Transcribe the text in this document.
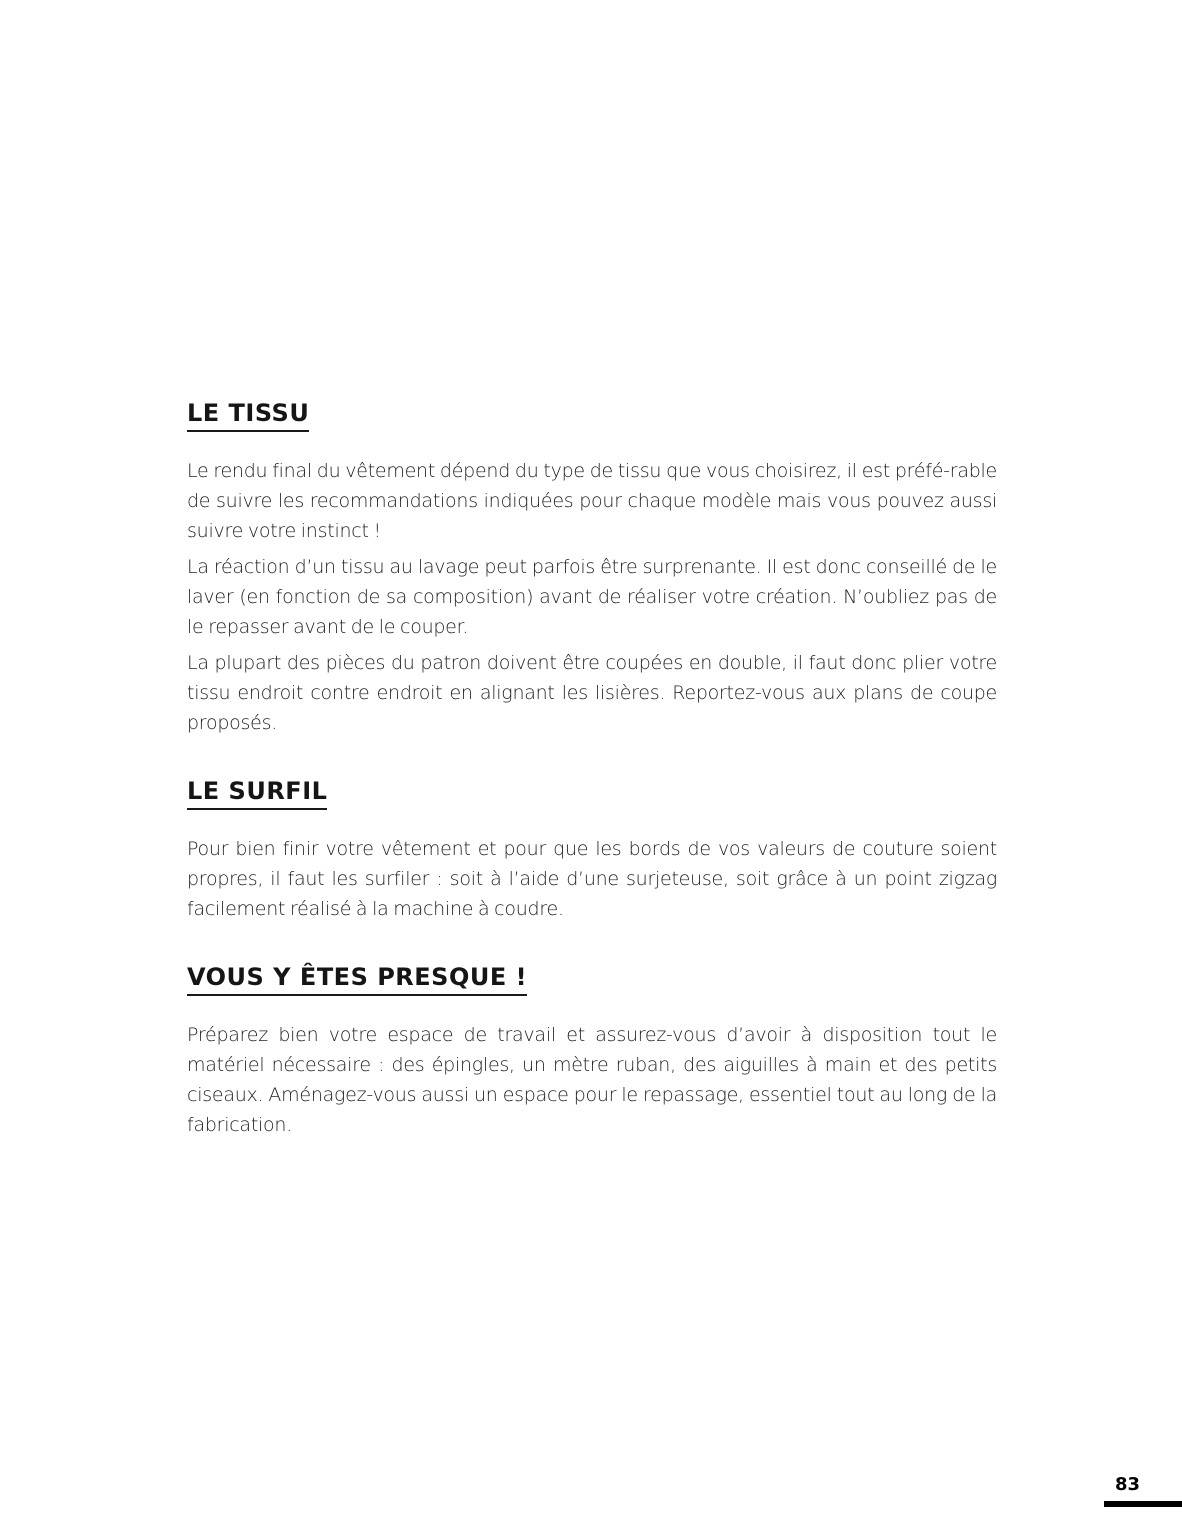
LE TISSU

Le rendu final du vêtement dépend du type de tissu que vous choisirez, il est préfé-rable de suivre les recommandations indiquées pour chaque modèle mais vous pouvez aussi suivre votre instinct !

La réaction d’un tissu au lavage peut parfois être surprenante. Il est donc conseillé de le laver (en fonction de sa composition) avant de réaliser votre création. N’oubliez pas de le repasser avant de le couper.

La plupart des pièces du patron doivent être coupées en double, il faut donc plier votre tissu endroit contre endroit en alignant les lisières. Reportez-vous aux plans de coupe proposés.

LE SURFIL

Pour bien finir votre vêtement et pour que les bords de vos valeurs de couture soient propres, il faut les surfiler : soit à l’aide d’une surjeteuse, soit grâce à un point zigzag facilement réalisé à la machine à coudre.

VOUS Y ÊTES PRESQUE !

Préparez bien votre espace de travail et assurez-vous d’avoir à disposition tout le matériel nécessaire : des épingles, un mètre ruban, des aiguilles à main et des petits ciseaux. Aménagez-vous aussi un espace pour le repassage, essentiel tout au long de la fabrication.

83
